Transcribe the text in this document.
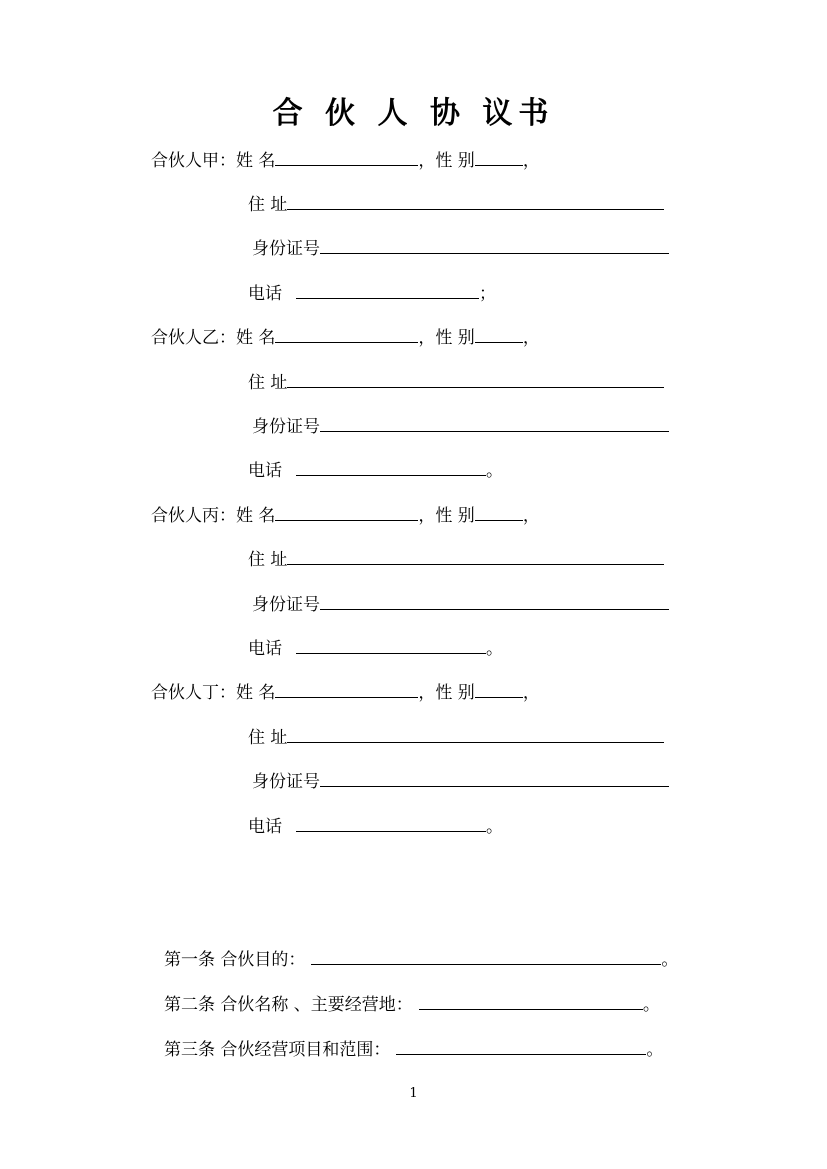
合 伙 人 协 议书
合伙人甲：姓 名	，性 别	，
住 址
身份证号
电话	；
合伙人乙：姓 名	，性 别	，
住 址
身份证号
电话	。
合伙人丙：姓 名	，性 别	，
住 址
身份证号
电话	。
合伙人丁：姓 名	，性 别	，
住 址
身份证号
电话	。
第一条 合伙目的：	。
第二条 合伙名称 、主要经营地：	。
第三条 合伙经营项目和范围：	。
1
